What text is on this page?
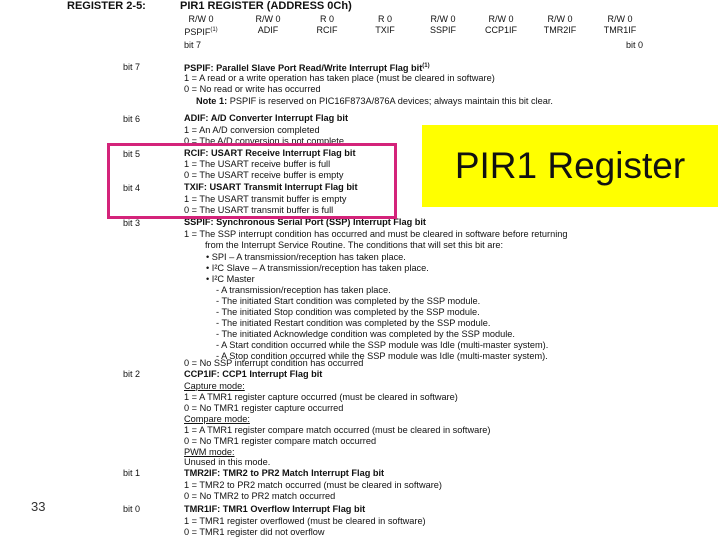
REGISTER 2-5:	PIR1 REGISTER (ADDRESS 0Ch)
R/W 0
PSPIF$^{(1)}$
R/W 0
ADIF
R 0
RCIF
R 0
TXIF
R/W 0
SSPIF
R/W 0
CCP1IF
R/W 0
TMR2IF
R/W 0
TMR1IF
bit 7	bit 0
bit 7
bit 6
bit 5
bit 4
bit 3
bit 2
bit 1
bit 0
PSPIF: Parallel Slave Port Read/Write Interrupt Flag bit$^{(1)}$
1 = A read or a write operation has taken place (must be cleared in software)
0 = No read or write has occurred
Note 1: PSPIF is reserved on PIC16F873A/876A devices; always maintain this bit clear.
ADIF: A/D Converter Interrupt Flag bit
1 = An A/D conversion completed
0 = The A/D conversion is not complete
RCIF: USART Receive Interrupt Flag bit
1 = The USART receive buffer is full
0 = The USART receive buffer is empty
TXIF: USART Transmit Interrupt Flag bit
1 = The USART transmit buffer is empty
0 = The USART transmit buffer is full
SSPIF: Synchronous Serial Port (SSP) Interrupt Flag bit
1 = The SSP interrupt condition has occurred and must be cleared in software before returning
from the Interrupt Service Routine. The conditions that will set this bit are:
• SPI – A transmission/reception has taken place.
• I²C Slave – A transmission/reception has taken place.
• I²C Master
- A transmission/reception has taken place.
- The initiated Start condition was completed by the SSP module.
- The initiated Stop condition was completed by the SSP module.
- The initiated Restart condition was completed by the SSP module.
- The initiated Acknowledge condition was completed by the SSP module.
- A Start condition occurred while the SSP module was Idle (multi-master system).
- A Stop condition occurred while the SSP module was Idle (multi-master system).
0 = No SSP interrupt condition has occurred
CCP1IF: CCP1 Interrupt Flag bit
Capture mode:
1 = A TMR1 register capture occurred (must be cleared in software)
0 = No TMR1 register capture occurred
Compare mode:
1 = A TMR1 register compare match occurred (must be cleared in software)
0 = No TMR1 register compare match occurred
PWM mode:
Unused in this mode.
TMR2IF: TMR2 to PR2 Match Interrupt Flag bit
1 = TMR2 to PR2 match occurred (must be cleared in software)
0 = No TMR2 to PR2 match occurred
TMR1IF: TMR1 Overflow Interrupt Flag bit
1 = TMR1 register overflowed (must be cleared in software)
0 = TMR1 register did not overflow
PIR1 Register
33
